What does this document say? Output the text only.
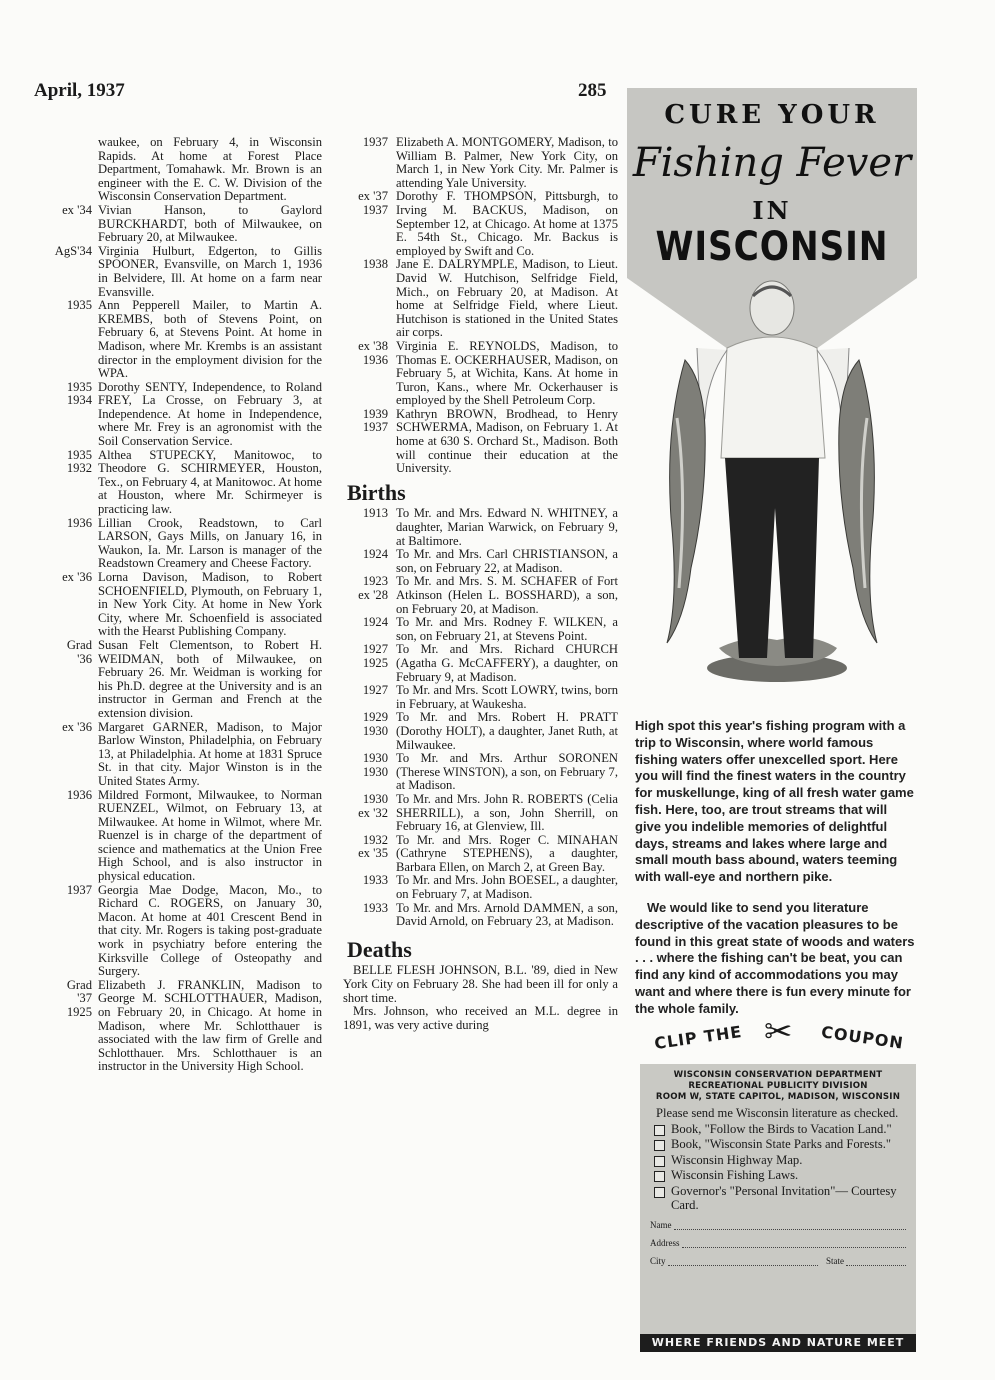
April, 1937	285
waukee, on February 4, in Wisconsin Rapids. At home at Forest Place Department, Tomahawk. Mr. Brown is an engineer with the E. C. W. Division of the Wisconsin Conservation Department.
ex '34 Vivian Hanson, to Gaylord BURCKHARDT, both of Milwaukee, on February 20, at Milwaukee.
AgS'34 Virginia Hulburt, Edgerton, to Gillis SPOONER, Evansville, on March 1, 1936 in Belvidere, Ill. At home on a farm near Evansville.
1935 Ann Pepperell Mailer, to Martin A. KREMBS, both of Stevens Point, on February 6, at Stevens Point. At home in Madison, where Mr. Krembs is an assistant director in the employment division for the WPA.
1935
1934
Dorothy SENTY, Independence, to Roland FREY, La Crosse, on February 3, at Independence. At home in Independence, where Mr. Frey is an agronomist with the Soil Conservation Service.
1935
1932
Althea STUPECKY, Manitowoc, to Theodore G. SCHIRMEYER, Houston, Tex., on February 4, at Manitowoc. At home at Houston, where Mr. Schirmeyer is practicing law.
1936 Lillian Crook, Readstown, to Carl LARSON, Gays Mills, on January 16, in Waukon, Ia. Mr. Larson is manager of the Readstown Creamery and Cheese Factory.
ex '36 Lorna Davison, Madison, to Robert SCHOENFIELD, Plymouth, on February 1, in New York City. At home in New York City, where Mr. Schoenfield is associated with the Hearst Publishing Company.
Grad
'36
Susan Felt Clementson, to Robert H. WEIDMAN, both of Milwaukee, on February 26. Mr. Weidman is working for his Ph.D. degree at the University and is an instructor in German and French at the extension division.
ex '36 Margaret GARNER, Madison, to Major Barlow Winston, Philadelphia, on February 13, at Philadelphia. At home at 1831 Spruce St. in that city. Major Winston is in the United States Army.
1936 Mildred Formont, Milwaukee, to Norman RUENZEL, Wilmot, on February 13, at Milwaukee. At home in Wilmot, where Mr. Ruenzel is in charge of the department of science and mathematics at the Union Free High School, and is also instructor in physical education.
1937 Georgia Mae Dodge, Macon, Mo., to Richard C. ROGERS, on January 30, Macon. At home at 401 Crescent Bend in that city. Mr. Rogers is taking post-graduate work in psychiatry before entering the Kirksville College of Osteopathy and Surgery.
Grad
'37
1925
Elizabeth J. FRANKLIN, Madison to George M. SCHLOTTHAUER, Madison, on February 20, in Chicago. At home in Madison, where Mr. Schlotthauer is associated with the law firm of Grelle and Schlotthauer. Mrs. Schlotthauer is an instructor in the University High School.
1937 Elizabeth A. MONTGOMERY, Madison, to William B. Palmer, New York City, on March 1, in New York City. Mr. Palmer is attending Yale University.
ex '37
1937
Dorothy F. THOMPSON, Pittsburgh, to Irving M. BACKUS, Madison, on September 12, at Chicago. At home at 1375 E. 54th St., Chicago. Mr. Backus is employed by Swift and Co.
1938 Jane E. DALRYMPLE, Madison, to Lieut. David W. Hutchison, Selfridge Field, Mich., on February 20, at Madison. At home at Selfridge Field, where Lieut. Hutchison is stationed in the United States air corps.
ex '38
1936
Virginia E. REYNOLDS, Madison, to Thomas E. OCKERHAUSER, Madison, on February 5, at Wichita, Kans. At home in Turon, Kans., where Mr. Ockerhauser is employed by the Shell Petroleum Corp.
1939
1937
Kathryn BROWN, Brodhead, to Henry SCHWERMA, Madison, on February 1. At home at 630 S. Orchard St., Madison. Both will continue their education at the University.
Births
1913 To Mr. and Mrs. Edward N. WHITNEY, a daughter, Marian Warwick, on February 9, at Baltimore.
1924 To Mr. and Mrs. Carl CHRISTIANSON, a son, on February 22, at Madison.
1923
ex '28
To Mr. and Mrs. S. M. SCHAFER of Fort Atkinson (Helen L. BOSSHARD), a son, on February 20, at Madison.
1924 To Mr. and Mrs. Rodney F. WILKEN, a son, on February 21, at Stevens Point.
1927
1925
To Mr. and Mrs. Richard CHURCH (Agatha G. McCAFFERY), a daughter, on February 9, at Madison.
1927 To Mr. and Mrs. Scott LOWRY, twins, born in February, at Waukesha.
1929
1930
To Mr. and Mrs. Robert H. PRATT (Dorothy HOLT), a daughter, Janet Ruth, at Milwaukee.
1930
1930
To Mr. and Mrs. Arthur SORONEN (Therese WINSTON), a son, on February 7, at Madison.
1930
ex '32
To Mr. and Mrs. John R. ROBERTS (Celia SHERRILL), a son, John Sherrill, on February 16, at Glenview, Ill.
1932
ex '35
To Mr. and Mrs. Roger C. MINAHAN (Cathryne STEPHENS), a daughter, Barbara Ellen, on March 2, at Green Bay.
1933 To Mr. and Mrs. John BOESEL, a daughter, on February 7, at Madison.
1933 To Mr. and Mrs. Arnold DAMMEN, a son, David Arnold, on February 23, at Madison.
Deaths
BELLE FLESH JOHNSON, B.L. '89, died in New York City on February 28. She had been ill for only a short time.
Mrs. Johnson, who received an M.L. degree in 1891, was very active during
CURE YOUR
Fishing Fever
IN
WISCONSIN

High spot this year's fishing program with a trip to Wisconsin, where world famous fishing waters offer unexcelled sport. Here you will find the finest waters in the country for muskellunge, king of all fresh water game fish. Here, too, are trout streams that will give you indelible memories of delightful days, streams and lakes where large and small mouth bass abound, waters teeming with wall-eye and northern pike.

We would like to send you literature descriptive of the vacation pleasures to be found in this great state of woods and waters . . . where the fishing can't be beat, you can find any kind of accommodations you may want and where there is fun every minute for the whole family.

CLIP THE ✂ COUPON
WISCONSIN CONSERVATION DEPARTMENT
RECREATIONAL PUBLICITY DIVISION
ROOM W, STATE CAPITOL, MADISON, WISCONSIN
Please send me Wisconsin literature as checked.
Book, "Follow the Birds to Vacation Land."
Book, "Wisconsin State Parks and Forests."
Wisconsin Highway Map.
Wisconsin Fishing Laws.
Governor's "Personal Invitation"— Courtesy Card.
Name
Address
City	State
WHERE FRIENDS AND NATURE MEET
